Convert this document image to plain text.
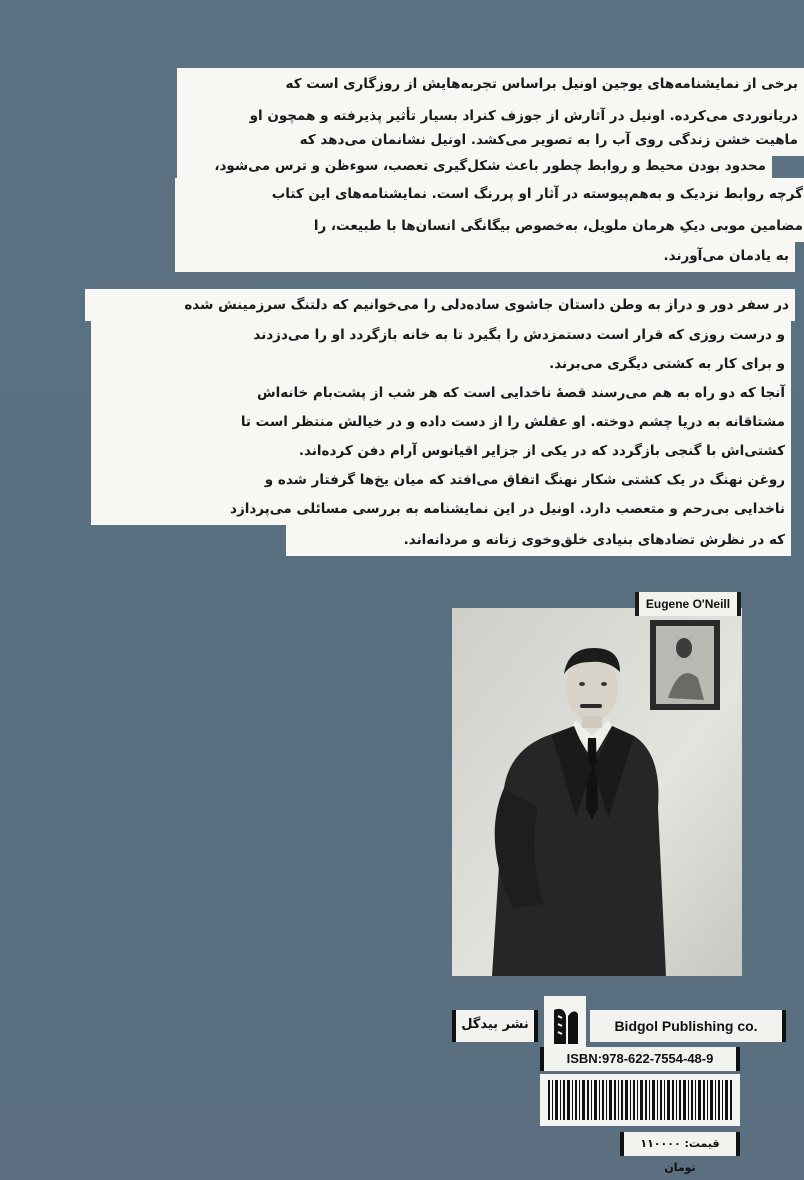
برخی از نمایشنامه‌های یوجین اونیل براساس تجربه‌هایش از روزگاری است که
دریانوردی می‌کرده. اونیل در آثارش از جوزف کنراد بسیار تأثیر پذیرفته و همچون او
ماهیت خشن زندگی روی آب را به تصویر می‌کشد. اونیل نشانمان می‌دهد که
محدود بودن محیط و روابط چطور باعث شکل‌گیری تعصب، سوءظن و ترس می‌شود،
گرچه روابط نزدیک و به‌هم‌پیوسته در آثار او پررنگ است. نمایشنامه‌های این کتاب
مضامین موبی دیکِ هرمان ملویل، به‌خصوص بیگانگی انسان‌ها با طبیعت، را
به یادمان می‌آورند.
در سفر دور و دراز به وطن داستان جاشوی ساده‌دلی را می‌خوانیم که دلتنگ سرزمینش شده
و درست روزی که قرار است دستمزدش را بگیرد تا به خانه بازگردد او را می‌دزدند
و برای کار به کشتی دیگری می‌برند.
آنجا که دو راه به هم می‌رسند قصهٔ ناخدایی است که هر شب از پشت‌بام خانه‌اش
مشتاقانه به دریا چشم دوخته. او عقلش را از دست داده و در خیالش منتظر است تا
کشتی‌اش با گنجی بازگردد که در یکی از جزایر اقیانوس آرام دفن کرده‌اند.
روغن نهنگ در یک کشتی شکار نهنگ اتفاق می‌افتد که میان یخ‌ها گرفتار شده و
ناخدایی بی‌رحم و متعصب دارد. اونیل در این نمایشنامه به بررسی مسائلی می‌پردازد
که در نظرش تضادهای بنیادی خلق‌وخوی زنانه و مردانه‌اند.
Eugene O'Neill
نشر بیدگل	Bidgol Publishing co.
ISBN:978-622-7554-48-9
قیمت: ۱۱۰۰۰۰ تومان
